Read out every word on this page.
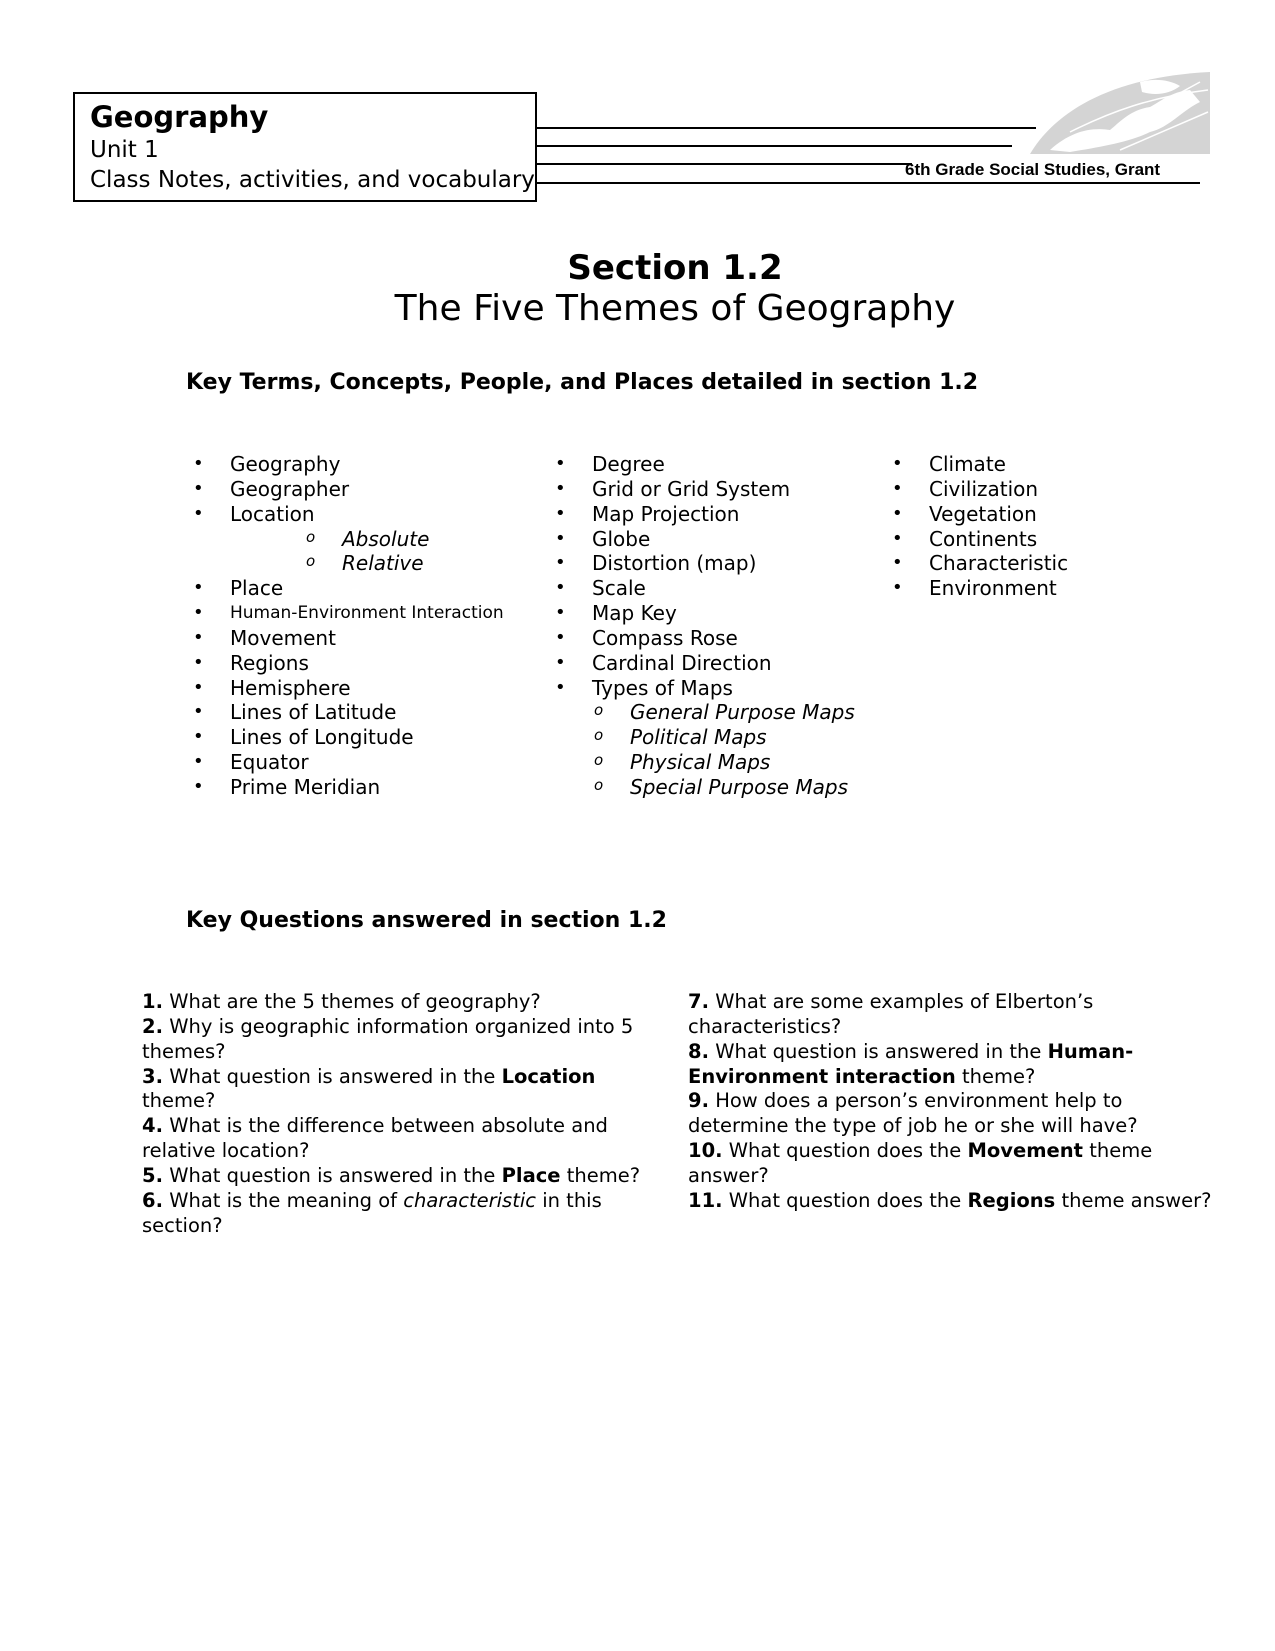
Geography
Unit 1
Class Notes, activities, and vocabulary	6th Grade Social Studies, Grant
Section 1.2
The Five Themes of Geography
Key Terms, Concepts, People, and Places detailed in section 1.2
• Geography
• Geographer
• Location
o Absolute
o Relative
• Place
• Human-Environment Interaction
• Movement
• Regions
• Hemisphere
• Lines of Latitude
• Lines of Longitude
• Equator
• Prime Meridian
• Degree
• Grid or Grid System
• Map Projection
• Globe
• Distortion (map)
• Scale
• Map Key
• Compass Rose
• Cardinal Direction
• Types of Maps
o General Purpose Maps
o Political Maps
o Physical Maps
o Special Purpose Maps
• Climate
• Civilization
• Vegetation
• Continents
• Characteristic
• Environment
Key Questions answered in section 1.2

1. What are the 5 themes of geography?

2. Why is geographic information organized into 5 themes?

3. What question is answered in the Location theme?

4. What is the difference between absolute and relative location?

5. What question is answered in the Place theme?

6. What is the meaning of characteristic in this section?

7. What are some examples of Elberton’s characteristics?

8. What question is answered in the Human-Environment interaction theme?

9. How does a person’s environment help to determine the type of job he or she will have?

10. What question does the Movement theme answer?

11. What question does the Regions theme answer?
